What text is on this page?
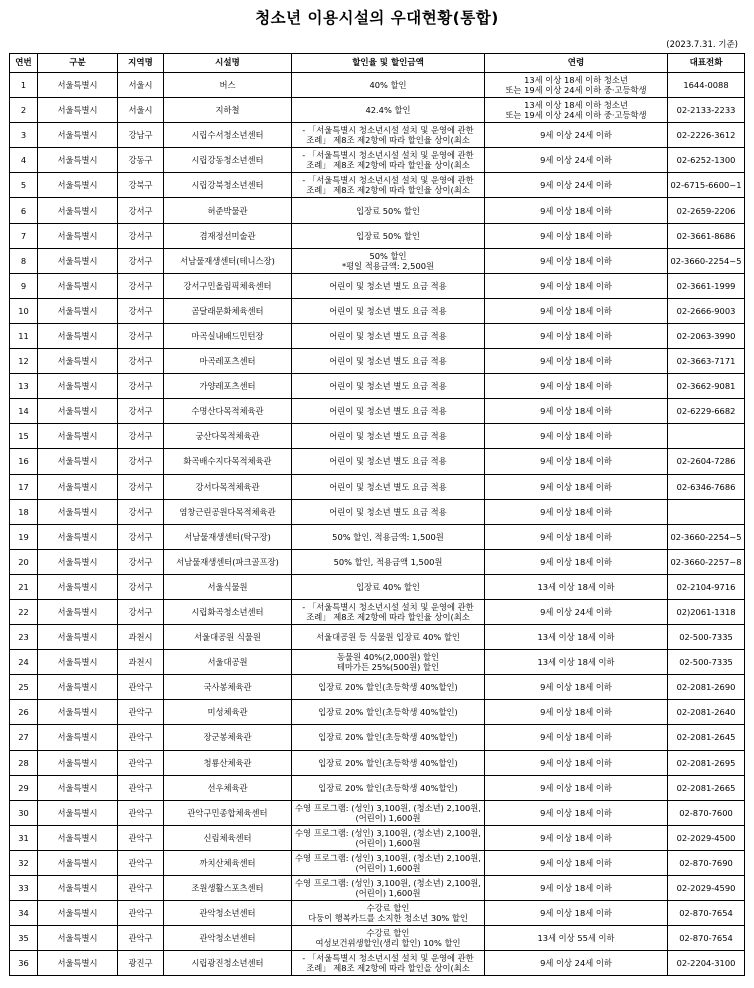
청소년 이용시설의 우대현황(통합)
(2023.7.31. 기준)
연번	구분	지역명	시설명	할인율 및 할인금액	연령	대표전화
1	서울특별시	서울시	버스	40% 할인	13세 이상 18세 이하 청소년
또는 19세 이상 24세 이하 중·고등학생	1644-0088
2	서울특별시	서울시	지하철	42.4% 할인	13세 이상 18세 이하 청소년
또는 19세 이상 24세 이하 중·고등학생	02-2133-2233
3	서울특별시	강남구	시립수서청소년센터	- 「서울특별시 청소년시설 설치 및 운영에 관한
조례」 제8조 제2항에 따라 할인율 상이(최소	9세 이상 24세 이하	02-2226-3612
4	서울특별시	강동구	시립강동청소년센터	- 「서울특별시 청소년시설 설치 및 운영에 관한
조례」 제8조 제2항에 따라 할인율 상이(최소	9세 이상 24세 이하	02-6252-1300
5	서울특별시	강북구	시립강북청소년센터	- 「서울특별시 청소년시설 설치 및 운영에 관한
조례」 제8조 제2항에 따라 할인율 상이(최소	9세 이상 24세 이하	02-6715-6600~1
6	서울특별시	강서구	허준박물관	입장료 50% 할인	9세 이상 18세 이하	02-2659-2206
7	서울특별시	강서구	겸재정선미술관	입장료 50% 할인	9세 이상 18세 이하	02-3661-8686
8	서울특별시	강서구	서남물재생센터(테니스장)	50% 할인
*평일 적용금액: 2,500원	9세 이상 18세 이하	02-3660-2254~5
9	서울특별시	강서구	강서구민올림픽체육센터	어린이 및 청소년 별도 요금 적용	9세 이상 18세 이하	02-3661-1999
10	서울특별시	강서구	곰달래문화체육센터	어린이 및 청소년 별도 요금 적용	9세 이상 18세 이하	02-2666-9003
11	서울특별시	강서구	마곡실내배드민턴장	어린이 및 청소년 별도 요금 적용	9세 이상 18세 이하	02-2063-3990
12	서울특별시	강서구	마곡레포츠센터	어린이 및 청소년 별도 요금 적용	9세 이상 18세 이하	02-3663-7171
13	서울특별시	강서구	가양레포츠센터	어린이 및 청소년 별도 요금 적용	9세 이상 18세 이하	02-3662-9081
14	서울특별시	강서구	수명산다목적체육관	어린이 및 청소년 별도 요금 적용	9세 이상 18세 이하	02-6229-6682
15	서울특별시	강서구	궁산다목적체육관	어린이 및 청소년 별도 요금 적용	9세 이상 18세 이하	

16	서울특별시	강서구	화곡배수지다목적체육관	어린이 및 청소년 별도 요금 적용	9세 이상 18세 이하	02-2604-7286
17	서울특별시	강서구	강서다목적체육관	어린이 및 청소년 별도 요금 적용	9세 이상 18세 이하	02-6346-7686
18	서울특별시	강서구	염창근린공원다목적체육관	어린이 및 청소년 별도 요금 적용	9세 이상 18세 이하	

19	서울특별시	강서구	서남물재생센터(탁구장)	50% 할인, 적용금액: 1,500원	9세 이상 18세 이하	02-3660-2254~5
20	서울특별시	강서구	서남물재생센터(파크골프장)	50% 할인, 적용금액 1,500원	9세 이상 18세 이하	02-3660-2257~8
21	서울특별시	강서구	서울식물원	입장료 40% 할인	13세 이상 18세 이하	02-2104-9716
22	서울특별시	강서구	시립화곡청소년센터	- 「서울특별시 청소년시설 설치 및 운영에 관한
조례」 제8조 제2항에 따라 할인율 상이(최소	9세 이상 24세 이하	02)2061-1318
23	서울특별시	과천시	서울대공원 식물원	서울대공원 등 식물원 입장료 40% 할인	13세 이상 18세 이하	02-500-7335
24	서울특별시	과천시	서울대공원	동물원 40%(2,000원) 할인
테마가든 25%(500원) 할인	13세 이상 18세 이하	02-500-7335
25	서울특별시	관악구	국사봉체육관	입장료 20% 할인(초등학생 40%할인)	9세 이상 18세 이하	02-2081-2690
26	서울특별시	관악구	미성체육관	입장료 20% 할인(초등학생 40%할인)	9세 이상 18세 이하	02-2081-2640
27	서울특별시	관악구	장군봉체육관	입장료 20% 할인(초등학생 40%할인)	9세 이상 18세 이하	02-2081-2645
28	서울특별시	관악구	청룡산체육관	입장료 20% 할인(초등학생 40%할인)	9세 이상 18세 이하	02-2081-2695
29	서울특별시	관악구	선우체육관	입장료 20% 할인(초등학생 40%할인)	9세 이상 18세 이하	02-2081-2665
30	서울특별시	관악구	관악구민종합체육센터	수영 프로그램: (성인) 3,100원, (청소년) 2,100원,
(어린이) 1,600원	9세 이상 18세 이하	02-870-7600
31	서울특별시	관악구	신림체육센터	수영 프로그램: (성인) 3,100원, (청소년) 2,100원,
(어린이) 1,600원	9세 이상 18세 이하	02-2029-4500
32	서울특별시	관악구	까치산체육센터	수영 프로그램: (성인) 3,100원, (청소년) 2,100원,
(어린이) 1,600원	9세 이상 18세 이하	02-870-7690
33	서울특별시	관악구	조원생활스포츠센터	수영 프로그램: (성인) 3,100원, (청소년) 2,100원,
(어린이) 1,600원	9세 이상 18세 이하	02-2029-4590
34	서울특별시	관악구	관악청소년센터	수강료 할인
다둥이 행복카드를 소지한 청소년 30% 할인	9세 이상 18세 이하	02-870-7654
35	서울특별시	관악구	관악청소년센터	수강료 할인
여성보건위생할인(생리 할인) 10% 할인	13세 이상 55세 이하	02-870-7654
36	서울특별시	광진구	시립광진청소년센터	- 「서울특별시 청소년시설 설치 및 운영에 관한
조례」 제8조 제2항에 따라 할인을 상이(최소	9세 이상 24세 이하	02-2204-3100
